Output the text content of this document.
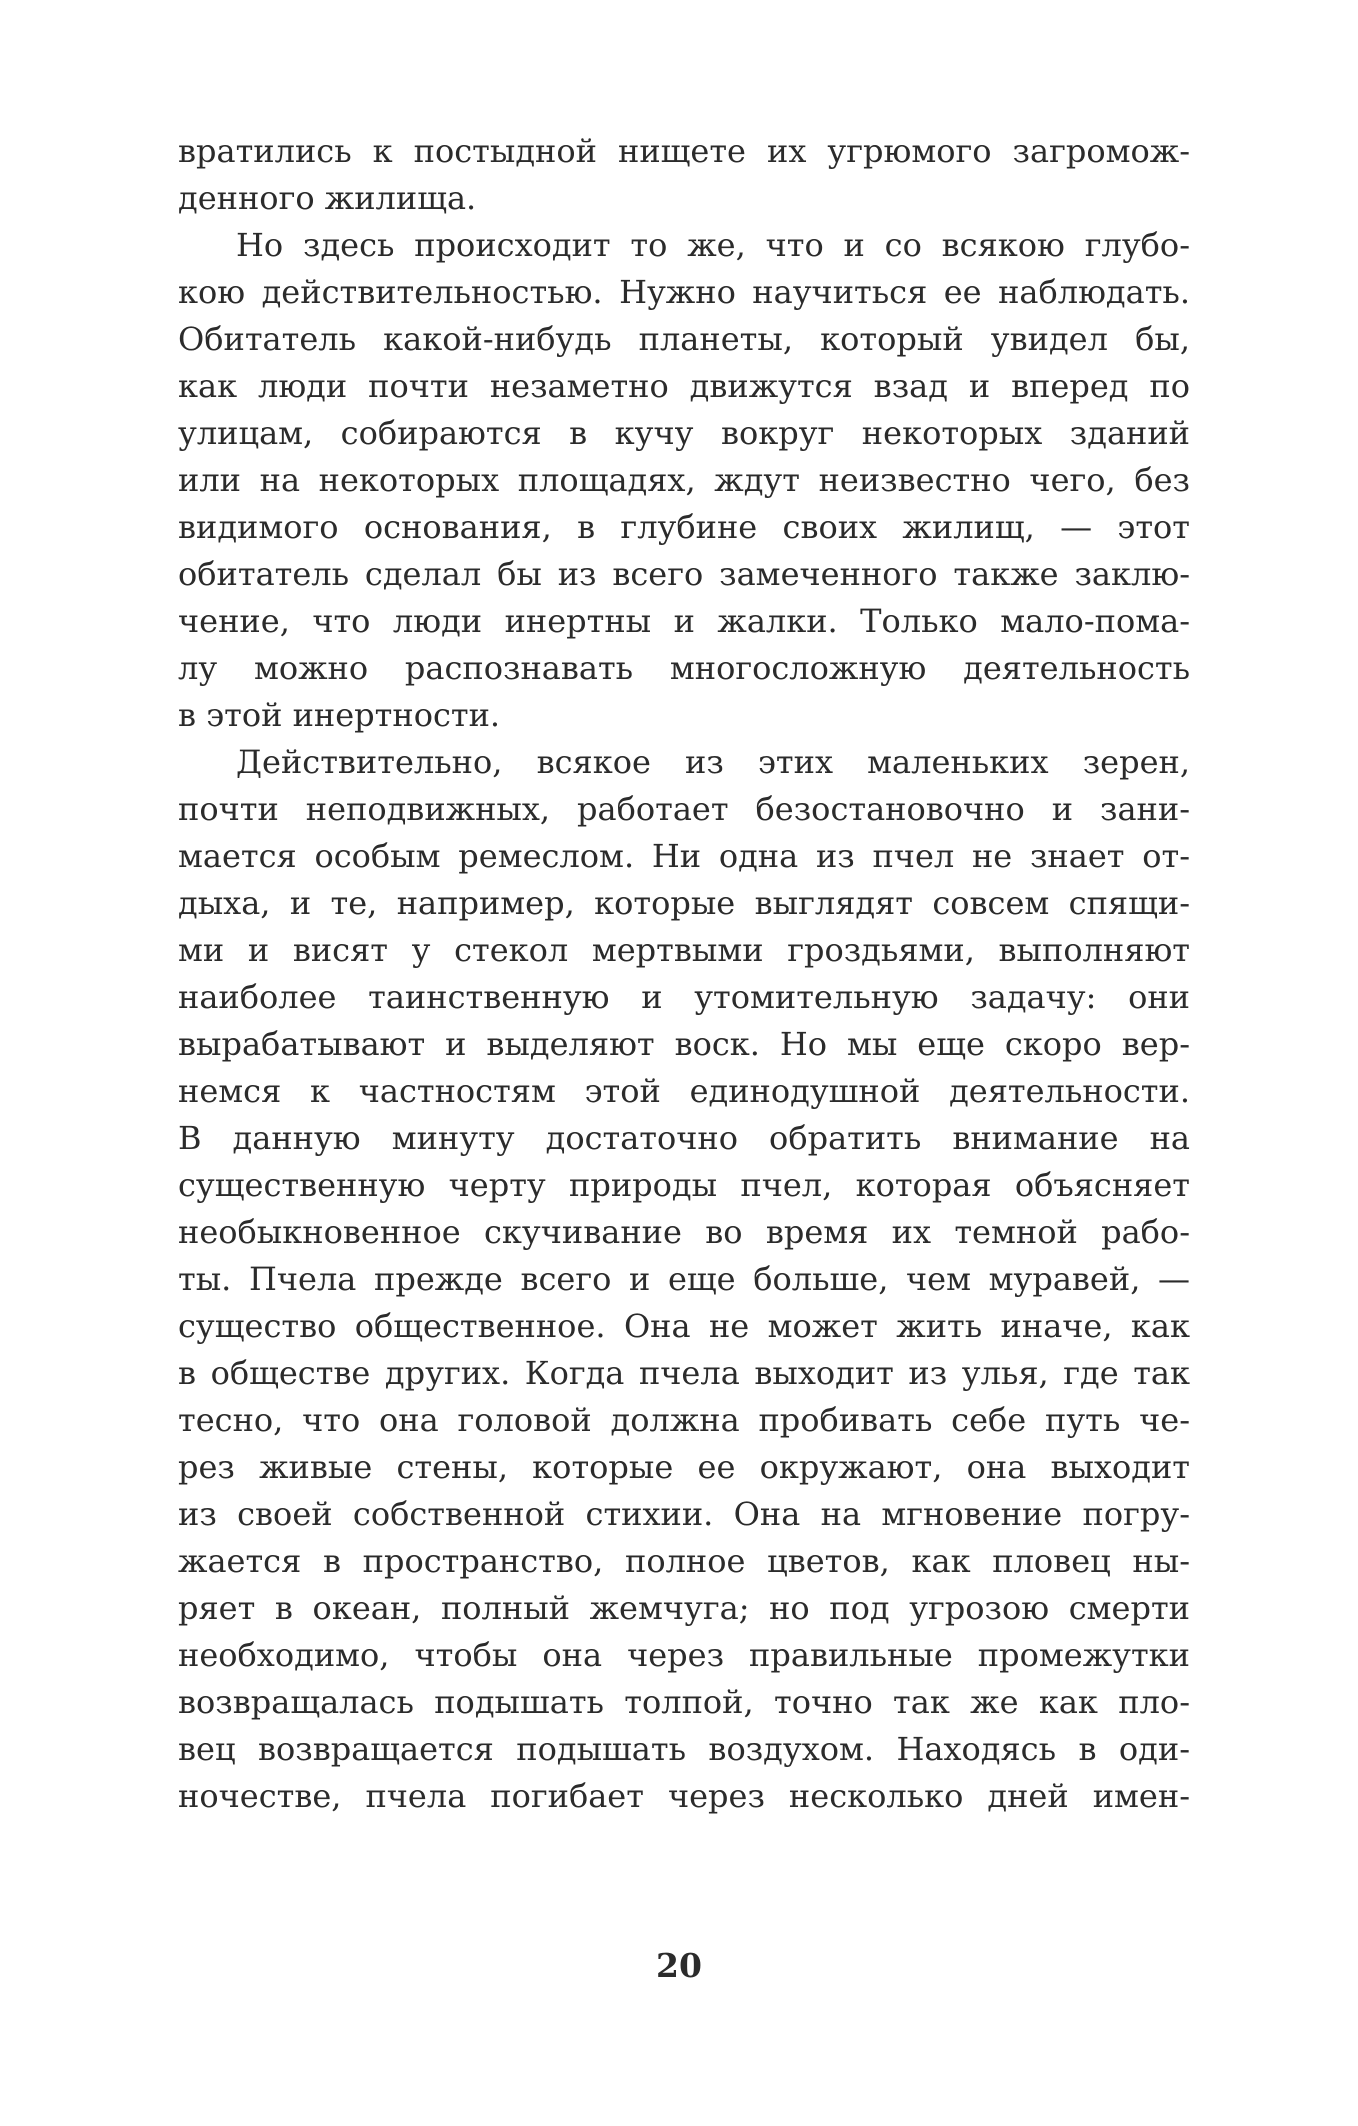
вратились к постыдной нищете их угрюмого загромож-
денного жилища.
Но здесь происходит то же, что и со всякою глубо-
кою действительностью. Нужно научиться ее наблюдать.
Обитатель какой-нибудь планеты, который увидел бы,
как люди почти незаметно движутся взад и вперед по
улицам, собираются в кучу вокруг некоторых зданий
или на некоторых площадях, ждут неизвестно чего, без
видимого основания, в глубине своих жилищ, — этот
обитатель сделал бы из всего замеченного также заклю-
чение, что люди инертны и жалки. Только мало-пома-
лу можно распознавать многосложную деятельность
в этой инертности.
Действительно, всякое из этих маленьких зерен,
почти неподвижных, работает безостановочно и зани-
мается особым ремеслом. Ни одна из пчел не знает от-
дыха, и те, например, которые выглядят совсем спящи-
ми и висят у стекол мертвыми гроздьями, выполняют
наиболее таинственную и утомительную задачу: они
вырабатывают и выделяют воск. Но мы еще скоро вер-
немся к частностям этой единодушной деятельности.
В данную минуту достаточно обратить внимание на
существенную черту природы пчел, которая объясняет
необыкновенное скучивание во время их темной рабо-
ты. Пчела прежде всего и еще больше, чем муравей, —
существо общественное. Она не может жить иначе, как
в обществе других. Когда пчела выходит из улья, где так
тесно, что она головой должна пробивать себе путь че-
рез живые стены, которые ее окружают, она выходит
из своей собственной стихии. Она на мгновение погру-
жается в пространство, полное цветов, как пловец ны-
ряет в океан, полный жемчуга; но под угрозою смерти
необходимо, чтобы она через правильные промежутки
возвращалась подышать толпой, точно так же как пло-
вец возвращается подышать воздухом. Находясь в оди-
ночестве, пчела погибает через несколько дней имен-
20
